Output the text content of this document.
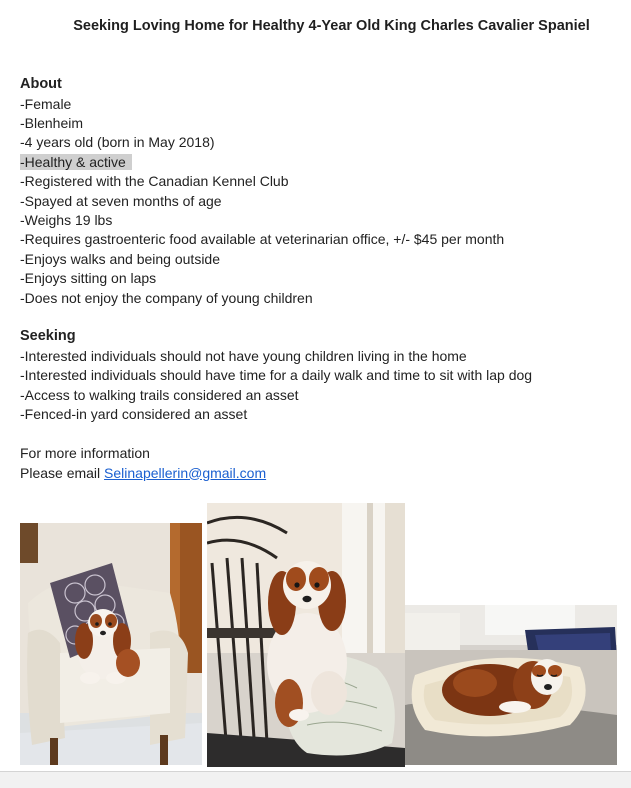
Seeking Loving Home for Healthy 4-Year Old King Charles Cavalier Spaniel
About
-Female
-Blenheim
-4 years old (born in May 2018)
-Healthy & active
-Registered with the Canadian Kennel Club
-Spayed at seven months of age
-Weighs 19 lbs
-Requires gastroenteric food available at veterinarian office, +/- $45 per month
-Enjoys walks and being outside
-Enjoys sitting on laps
-Does not enjoy the company of young children
Seeking
-Interested individuals should not have young children living in the home
-Interested individuals should have time for a daily walk and time to sit with lap dog
-Access to walking trails considered an asset
-Fenced-in yard considered an asset
For more information
Please email Selinapellerin@gmail.com
